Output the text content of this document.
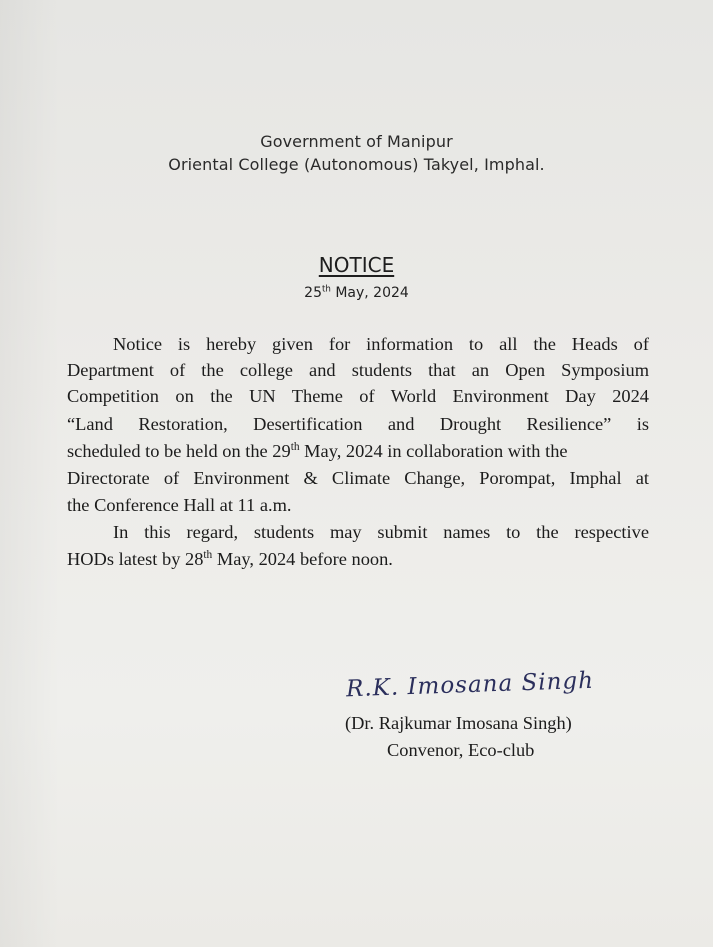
Government of Manipur
Oriental College (Autonomous) Takyel, Imphal.
NOTICE
25th May, 2024
Notice is hereby given for information to all the Heads of
Department of the college and students that an Open Symposium
Competition on the UN Theme of World Environment Day 2024
“Land Restoration, Desertification and Drought Resilience” is
scheduled to be held on the 29th May, 2024 in collaboration with the
Directorate of Environment & Climate Change, Porompat, Imphal at
the Conference Hall at 11 a.m.
In this regard, students may submit names to the respective
HODs latest by 28th May, 2024 before noon.
R.K. Imosana Singh
(Dr. Rajkumar Imosana Singh)
Convenor, Eco-club
